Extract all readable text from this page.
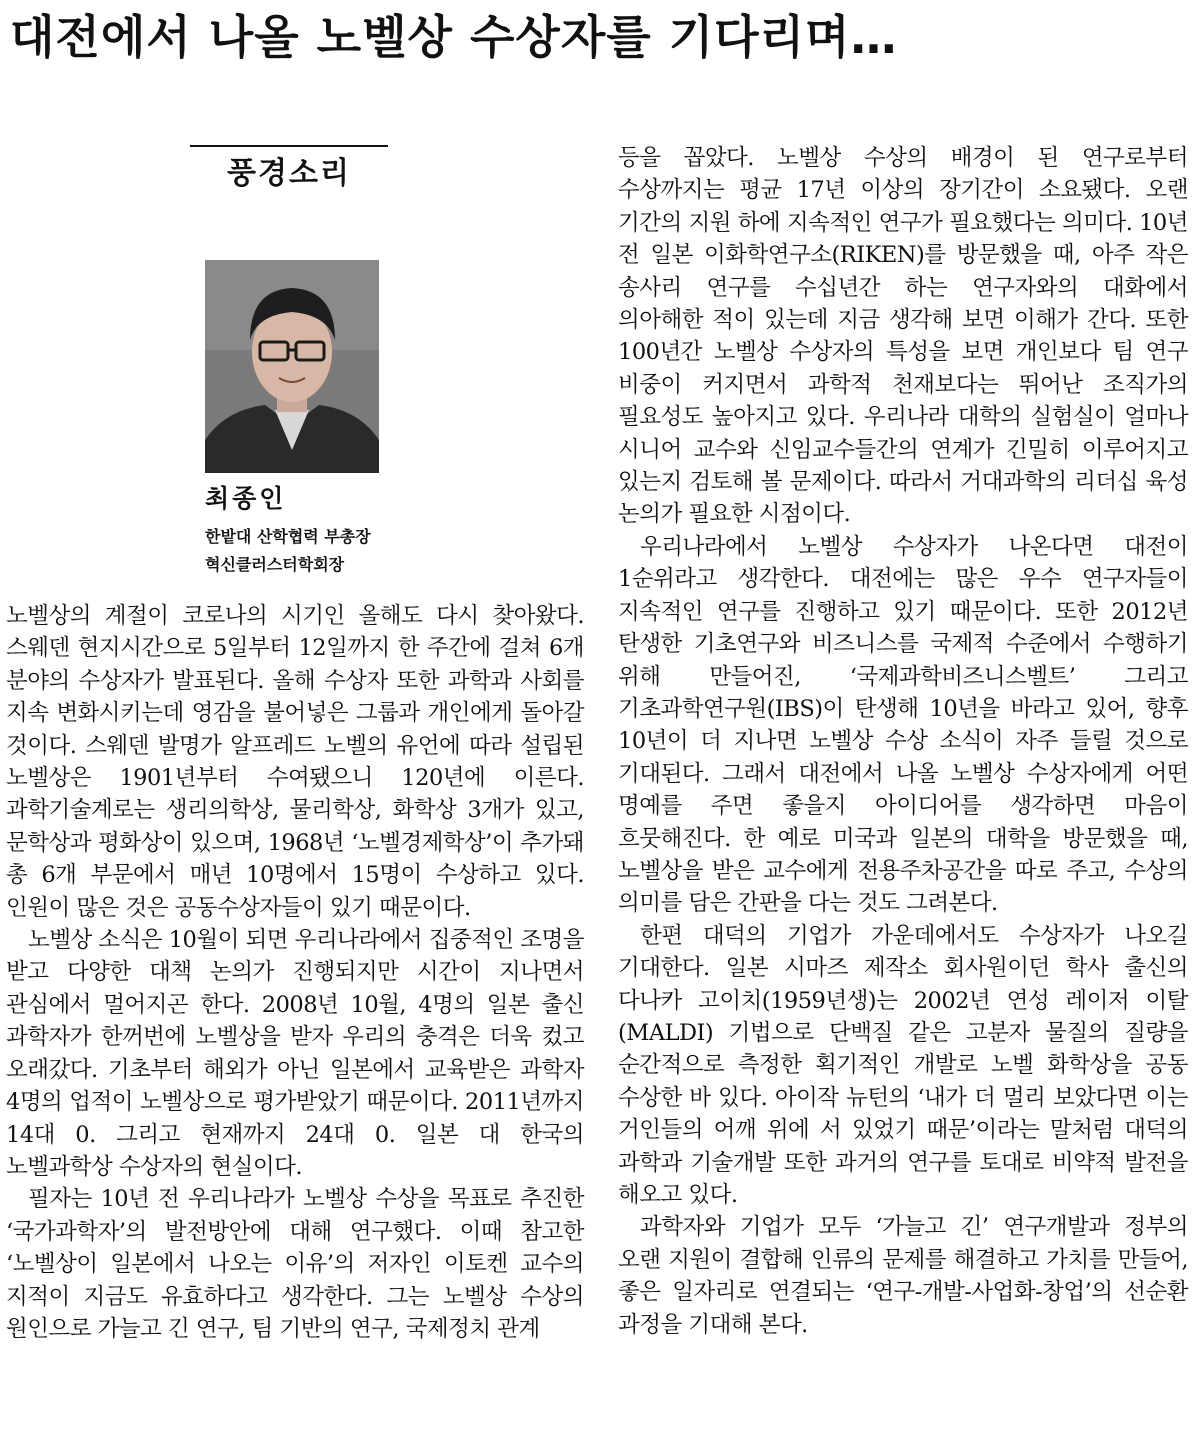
대전에서 나올 노벨상 수상자를 기다리며…
풍경소리
최종인
한밭대 산학협력 부총장
혁신클러스터학회장

노벨상의 계절이 코로나의 시기인 올해도 다시 찾아왔다. 스웨덴 현지시간으로 5일부터 12일까지 한 주간에 걸쳐 6개 분야의 수상자가 발표된다. 올해 수상자 또한 과학과 사회를 지속 변화시키는데 영감을 불어넣은 그룹과 개인에게 돌아갈 것이다. 스웨덴 발명가 알프레드 노벨의 유언에 따라 설립된 노벨상은 1901년부터 수여됐으니 120년에 이른다. 과학기술계로는 생리의학상, 물리학상, 화학상 3개가 있고, 문학상과 평화상이 있으며, 1968년 ‘노벨경제학상’이 추가돼 총 6개 부문에서 매년 10명에서 15명이 수상하고 있다. 인원이 많은 것은 공동수상자들이 있기 때문이다.

노벨상 소식은 10월이 되면 우리나라에서 집중적인 조명을 받고 다양한 대책 논의가 진행되지만 시간이 지나면서 관심에서 멀어지곤 한다. 2008년 10월, 4명의 일본 출신 과학자가 한꺼번에 노벨상을 받자 우리의 충격은 더욱 컸고 오래갔다. 기초부터 해외가 아닌 일본에서 교육받은 과학자 4명의 업적이 노벨상으로 평가받았기 때문이다. 2011년까지 14대 0. 그리고 현재까지 24대 0. 일본 대 한국의 노벨과학상 수상자의 현실이다.

필자는 10년 전 우리나라가 노벨상 수상을 목표로 추진한 ‘국가과학자’의 발전방안에 대해 연구했다. 이때 참고한 ‘노벨상이 일본에서 나오는 이유’의 저자인 이토켄 교수의 지적이 지금도 유효하다고 생각한다. 그는 노벨상 수상의 원인으로 가늘고 긴 연구, 팀 기반의 연구, 국제정치 관계

등을 꼽았다. 노벨상 수상의 배경이 된 연구로부터 수상까지는 평균 17년 이상의 장기간이 소요됐다. 오랜 기간의 지원 하에 지속적인 연구가 필요했다는 의미다. 10년 전 일본 이화학연구소(RIKEN)를 방문했을 때, 아주 작은 송사리 연구를 수십년간 하는 연구자와의 대화에서 의아해한 적이 있는데 지금 생각해 보면 이해가 간다. 또한 100년간 노벨상 수상자의 특성을 보면 개인보다 팀 연구 비중이 커지면서 과학적 천재보다는 뛰어난 조직가의 필요성도 높아지고 있다. 우리나라 대학의 실험실이 얼마나 시니어 교수와 신임교수들간의 연계가 긴밀히 이루어지고 있는지 검토해 볼 문제이다. 따라서 거대과학의 리더십 육성 논의가 필요한 시점이다.

우리나라에서 노벨상 수상자가 나온다면 대전이 1순위라고 생각한다. 대전에는 많은 우수 연구자들이 지속적인 연구를 진행하고 있기 때문이다. 또한 2012년 탄생한 기초연구와 비즈니스를 국제적 수준에서 수행하기 위해 만들어진, ‘국제과학비즈니스벨트’ 그리고 기초과학연구원(IBS)이 탄생해 10년을 바라고 있어, 향후 10년이 더 지나면 노벨상 수상 소식이 자주 들릴 것으로 기대된다. 그래서 대전에서 나올 노벨상 수상자에게 어떤 명예를 주면 좋을지 아이디어를 생각하면 마음이 흐뭇해진다. 한 예로 미국과 일본의 대학을 방문했을 때, 노벨상을 받은 교수에게 전용주차공간을 따로 주고, 수상의 의미를 담은 간판을 다는 것도 그려본다.

한편 대덕의 기업가 가운데에서도 수상자가 나오길 기대한다. 일본 시마즈 제작소 회사원이던 학사 출신의 다나카 고이치(1959년생)는 2002년 연성 레이저 이탈(MALDI) 기법으로 단백질 같은 고분자 물질의 질량을 순간적으로 측정한 획기적인 개발로 노벨 화학상을 공동 수상한 바 있다. 아이작 뉴턴의 ‘내가 더 멀리 보았다면 이는 거인들의 어깨 위에 서 있었기 때문’이라는 말처럼 대덕의 과학과 기술개발 또한 과거의 연구를 토대로 비약적 발전을 해오고 있다.

과학자와 기업가 모두 ‘가늘고 긴’ 연구개발과 정부의 오랜 지원이 결합해 인류의 문제를 해결하고 가치를 만들어, 좋은 일자리로 연결되는 ‘연구-개발-사업화-창업’의 선순환 과정을 기대해 본다.
